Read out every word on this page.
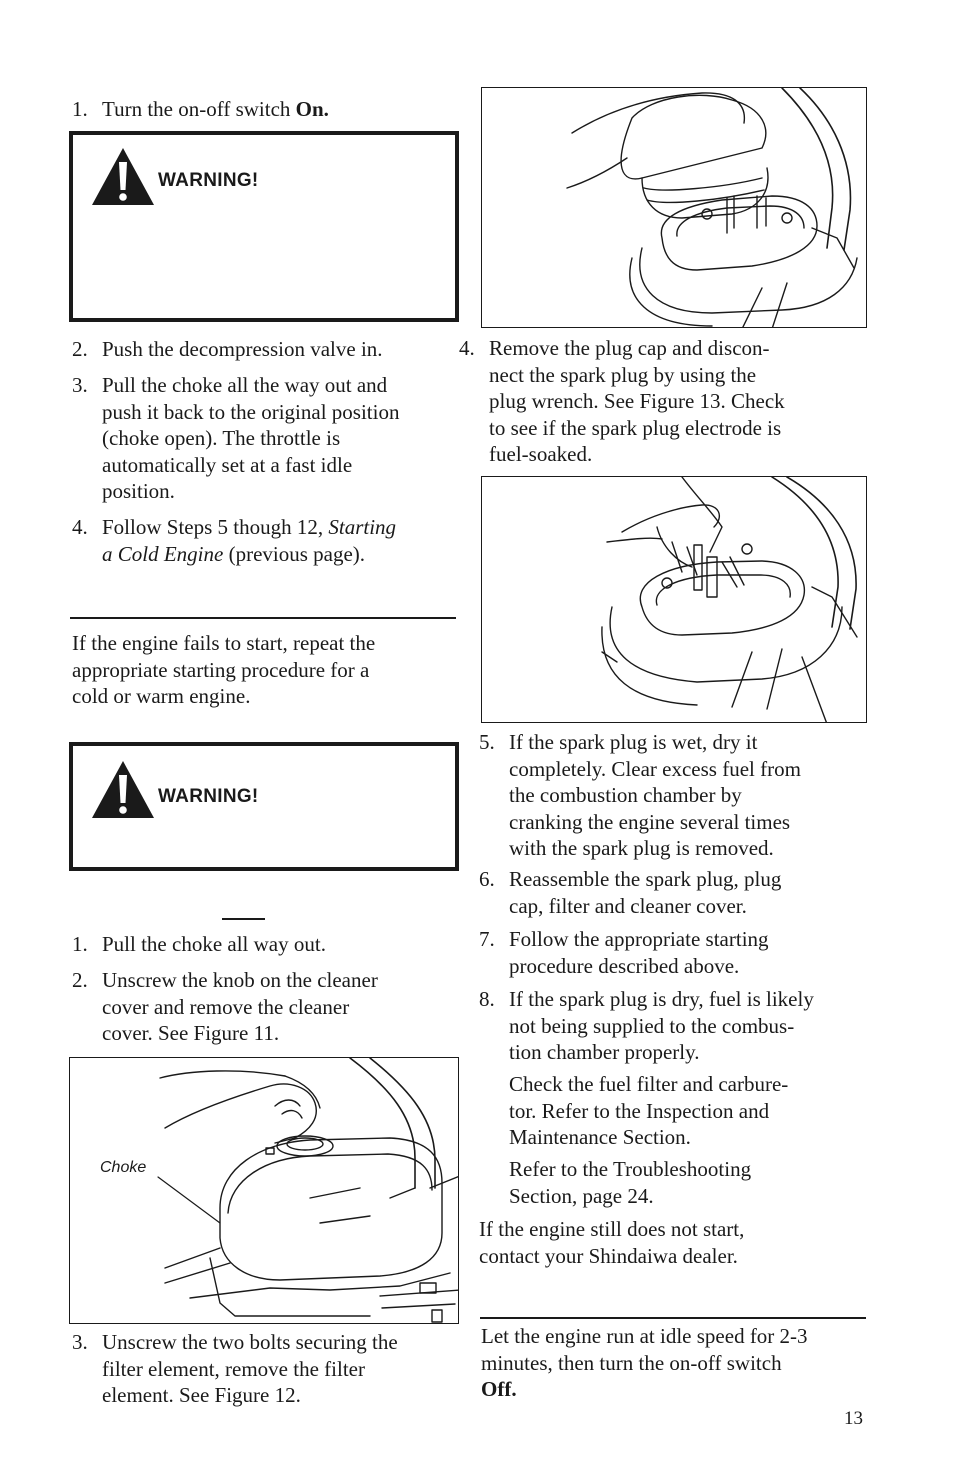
1. Turn the on-off switch On.
WARNING!
2. Push the decompression valve in.
3. Pull the choke all the way out and
push it back to the original position
(choke open). The throttle is
automatically set at a fast idle
position.
4. Follow Steps 5 though 12, Starting
a Cold Engine (previous page).
If the engine fails to start, repeat the
appropriate starting procedure for a
cold or warm engine.
WARNING!
1. Pull the choke all way out.
2. Unscrew the knob on the cleaner
cover and remove the cleaner
cover. See Figure 11.
Choke
3. Unscrew the two bolts securing the
filter element, remove the filter
element. See Figure 12.
4. Remove the plug cap and discon-
nect the spark plug by using the
plug wrench. See Figure 13. Check
to see if the spark plug electrode is
fuel-soaked.
5. If the spark plug is wet, dry it
completely. Clear excess fuel from
the combustion chamber by
cranking the engine several times
with the spark plug is removed.
6. Reassemble the spark plug, plug
cap, filter and cleaner cover.
7. Follow the appropriate starting
procedure described above.
8. If the spark plug is dry, fuel is likely
not being supplied to the combus-
tion chamber properly.
Check the fuel filter and carbure-
tor. Refer to the Inspection and
Maintenance Section.
Refer to the Troubleshooting
Section, page 24.
If the engine still does not start,
contact your Shindaiwa dealer.
Let the engine run at idle speed for 2-3
minutes, then turn the on-off switch
Off.
13
